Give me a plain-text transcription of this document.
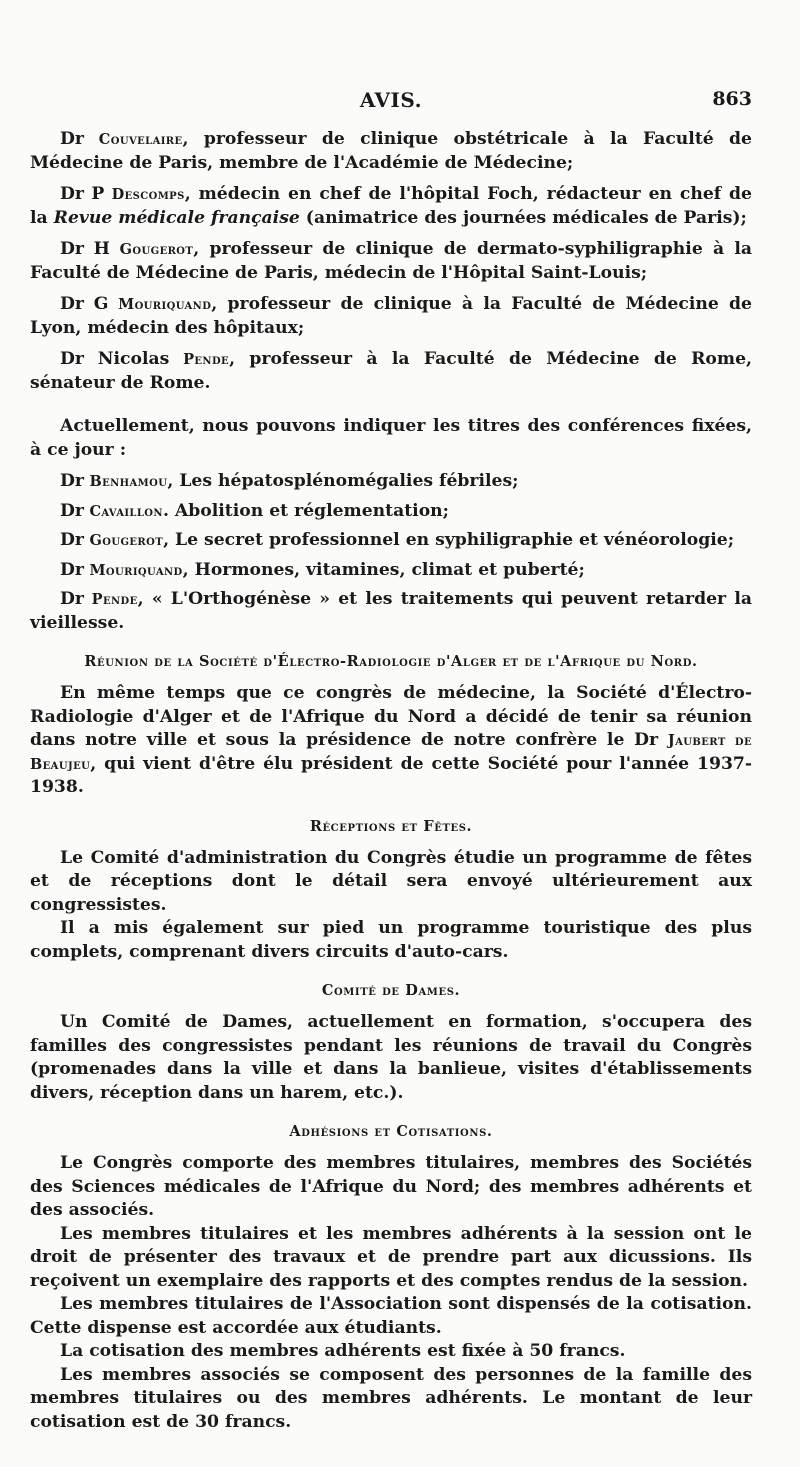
AVIS.	863

Dr Couvelaire, professeur de clinique obstétricale à la Faculté de Médecine de Paris, membre de l'Académie de Médecine;

Dr P Descomps, médecin en chef de l'hôpital Foch, rédacteur en chef de la Revue médicale française (animatrice des journées médicales de Paris);

Dr H Gougerot, professeur de clinique de dermato-syphiligraphie à la Faculté de Médecine de Paris, médecin de l'Hôpital Saint-Louis;

Dr G Mouriquand, professeur de clinique à la Faculté de Médecine de Lyon, médecin des hôpitaux;

Dr Nicolas Pende, professeur à la Faculté de Médecine de Rome, sénateur de Rome.

Actuellement, nous pouvons indiquer les titres des conférences fixées, à ce jour :

Dr Benhamou, Les hépatosplénomégalies fébriles;

Dr Cavaillon. Abolition et réglementation;

Dr Gougerot, Le secret professionnel en syphiligraphie et vénéorologie;

Dr Mouriquand, Hormones, vitamines, climat et puberté;

Dr Pende, « L'Orthogénèse » et les traitements qui peuvent retarder la vieillesse.

Réunion de la Société d'Électro-Radiologie d'Alger et de l'Afrique du Nord.

En même temps que ce congrès de médecine, la Société d'Électro-Radiologie d'Alger et de l'Afrique du Nord a décidé de tenir sa réunion dans notre ville et sous la présidence de notre confrère le Dr Jaubert de Beaujeu, qui vient d'être élu président de cette Société pour l'année 1937-1938.

Réceptions et Fêtes.

Le Comité d'administration du Congrès étudie un programme de fêtes et de réceptions dont le détail sera envoyé ultérieurement aux congressistes.

Il a mis également sur pied un programme touristique des plus complets, comprenant divers circuits d'auto-cars.

Comité de Dames.

Un Comité de Dames, actuellement en formation, s'occupera des familles des congressistes pendant les réunions de travail du Congrès (promenades dans la ville et dans la banlieue, visites d'établissements divers, réception dans un harem, etc.).

Adhésions et Cotisations.

Le Congrès comporte des membres titulaires, membres des Sociétés des Sciences médicales de l'Afrique du Nord; des membres adhérents et des associés.

Les membres titulaires et les membres adhérents à la session ont le droit de présenter des travaux et de prendre part aux dicussions. Ils reçoivent un exemplaire des rapports et des comptes rendus de la session.

Les membres titulaires de l'Association sont dispensés de la cotisation. Cette dispense est accordée aux étudiants.

La cotisation des membres adhérents est fixée à 50 francs.

Les membres associés se composent des personnes de la famille des membres titulaires ou des membres adhérents. Le montant de leur cotisation est de 30 francs.
